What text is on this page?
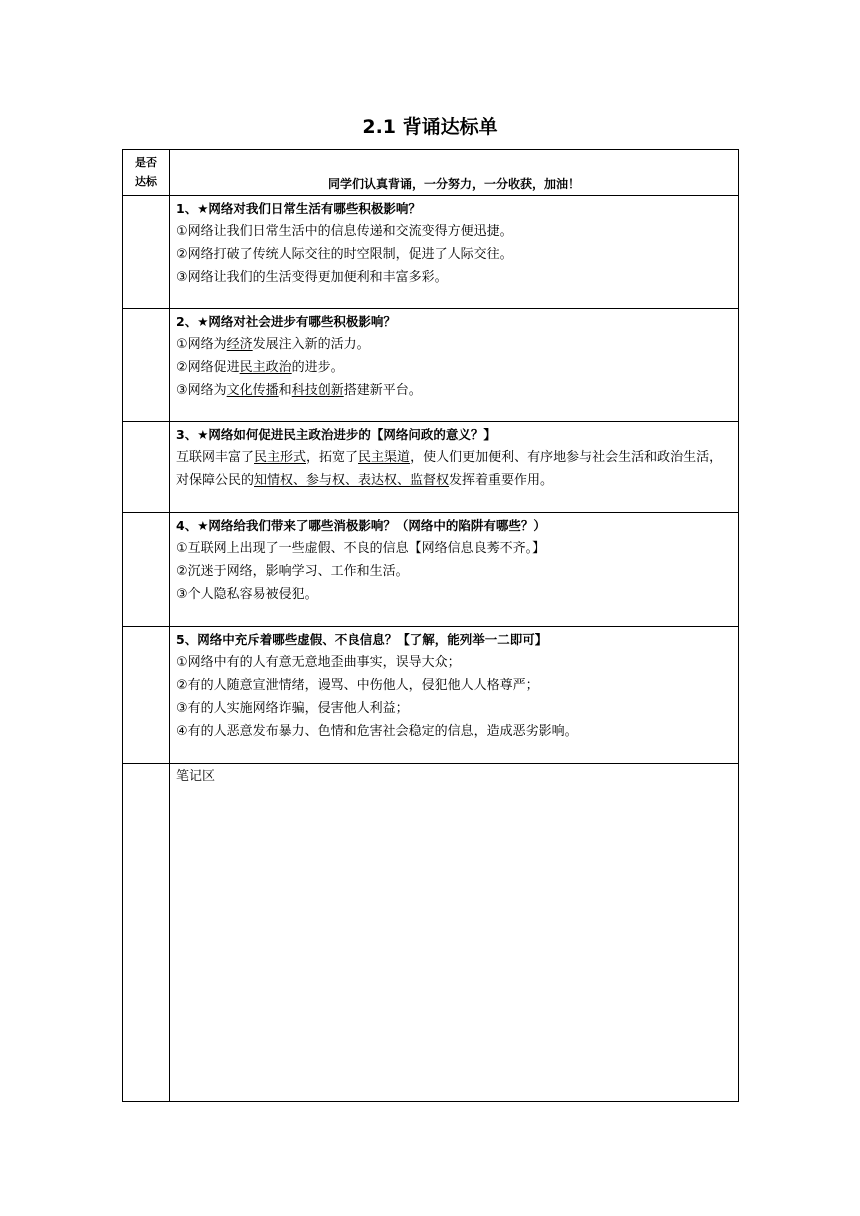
2.1 背诵达标单
是否
达标	同学们认真背诵，一分努力，一分收获，加油！

	1、★网络对我们日常生活有哪些积极影响？
①网络让我们日常生活中的信息传递和交流变得方便迅捷。
②网络打破了传统人际交往的时空限制，促进了人际交往。
③网络让我们的生活变得更加便利和丰富多彩。

	2、★网络对社会进步有哪些积极影响？
①网络为经济发展注入新的活力。
②网络促进民主政治的进步。
③网络为文化传播和科技创新搭建新平台。

	3、★网络如何促进民主政治进步的【网络问政的意义？】
互联网丰富了民主形式，拓宽了民主渠道，使人们更加便利、有序地参与社会生活和政治生活，对保障公民的知情权、参与权、表达权、监督权发挥着重要作用。

	4、★网络给我们带来了哪些消极影响？（网络中的陷阱有哪些？）
①互联网上出现了一些虚假、不良的信息【网络信息良莠不齐。】
②沉迷于网络，影响学习、工作和生活。
③个人隐私容易被侵犯。

	5、网络中充斥着哪些虚假、不良信息？【了解，能列举一二即可】
①网络中有的人有意无意地歪曲事实，误导大众；
②有的人随意宣泄情绪，谩骂、中伤他人，侵犯他人人格尊严；
③有的人实施网络诈骗，侵害他人利益；
④有的人恶意发布暴力、色情和危害社会稳定的信息，造成恶劣影响。

	笔记区
